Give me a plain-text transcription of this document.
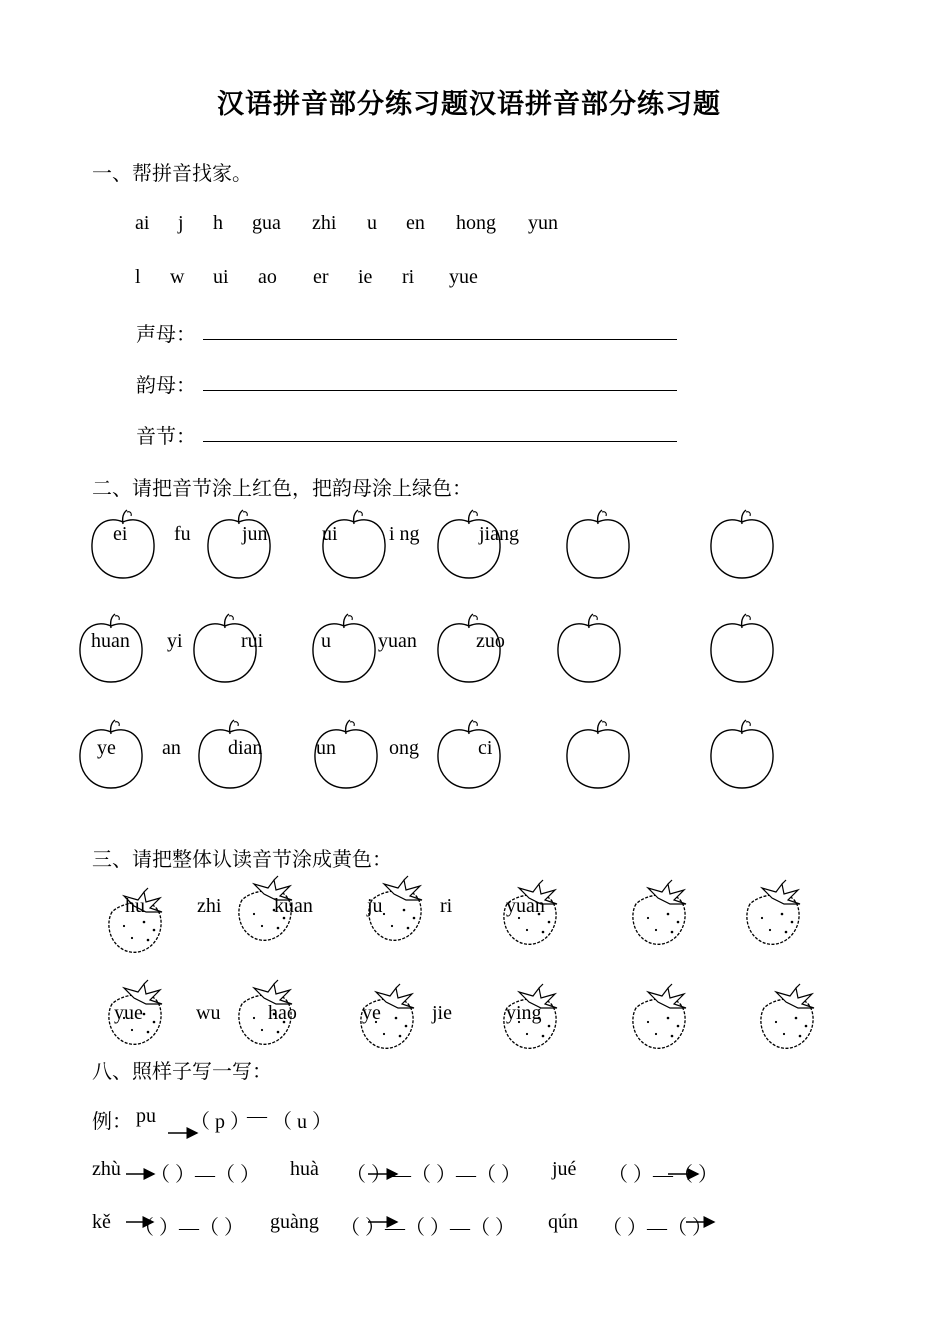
汉语拼音部分练习题汉语拼音部分练习题
一、帮拼音找家。
ai j h gua zhi u en hong yun
l w ui ao er ie ri yue
声母：
韵母：
音节：
二、请把音节涂上红色，把韵母涂上绿色：
ei fu	jun	ui	i ng	jiang
huan yi	rui	u yuan	zuo
ye an dian	un	ong	ci
三、请把整体认读音节涂成黄色：
hu	zhi	kuan	ju	ri	yuan
yue	wu hao	ye	jie	ying
八、照样子写一写：
例： pu （ p ）
— （ u ）
zhù （ ）—（ ） huà （ ）—（ ）—（ ） jué （ ）—（ ）
kě （ ）—（ ） guàng （ ）—（ ）—（ ） qún （ ）—（ ）
